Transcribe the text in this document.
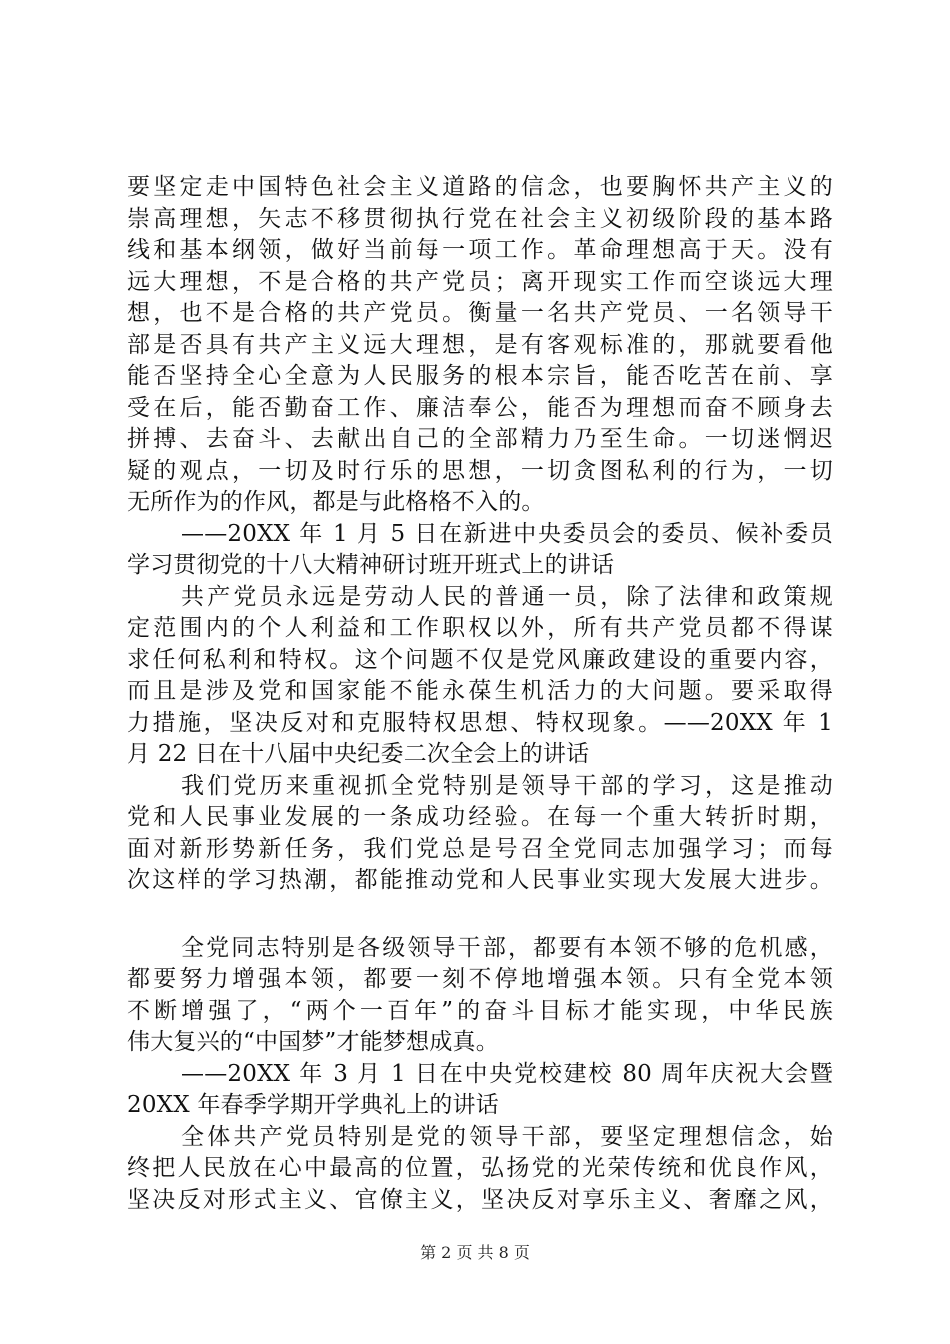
要坚定走中国特色社会主义道路的信念，也要胸怀共产主义的
崇高理想，矢志不移贯彻执行党在社会主义初级阶段的基本路
线和基本纲领，做好当前每一项工作。革命理想高于天。没有
远大理想，不是合格的共产党员；离开现实工作而空谈远大理
想，也不是合格的共产党员。衡量一名共产党员、一名领导干
部是否具有共产主义远大理想，是有客观标准的，那就要看他
能否坚持全心全意为人民服务的根本宗旨，能否吃苦在前、享
受在后，能否勤奋工作、廉洁奉公，能否为理想而奋不顾身去
拼搏、去奋斗、去献出自己的全部精力乃至生命。一切迷惘迟
疑的观点，一切及时行乐的思想，一切贪图私利的行为，一切
无所作为的作风，都是与此格格不入的。
——20XX 年 1 月 5 日在新进中央委员会的委员、候补委员
学习贯彻党的十八大精神研讨班开班式上的讲话
共产党员永远是劳动人民的普通一员，除了法律和政策规
定范围内的个人利益和工作职权以外，所有共产党员都不得谋
求任何私利和特权。这个问题不仅是党风廉政建设的重要内容，
而且是涉及党和国家能不能永葆生机活力的大问题。要采取得
力措施，坚决反对和克服特权思想、特权现象。——20XX 年 1
月 22 日在十八届中央纪委二次全会上的讲话
我们党历来重视抓全党特别是领导干部的学习，这是推动
党和人民事业发展的一条成功经验。在每一个重大转折时期，
面对新形势新任务，我们党总是号召全党同志加强学习；而每
次这样的学习热潮，都能推动党和人民事业实现大发展大进步。
全党同志特别是各级领导干部，都要有本领不够的危机感，
都要努力增强本领，都要一刻不停地增强本领。只有全党本领
不断增强了，“两个一百年”的奋斗目标才能实现，中华民族
伟大复兴的“中国梦”才能梦想成真。
——20XX 年 3 月 1 日在中央党校建校 80 周年庆祝大会暨
20XX 年春季学期开学典礼上的讲话
全体共产党员特别是党的领导干部，要坚定理想信念，始
终把人民放在心中最高的位置，弘扬党的光荣传统和优良作风，
坚决反对形式主义、官僚主义，坚决反对享乐主义、奢靡之风，
第 2 页 共 8 页
